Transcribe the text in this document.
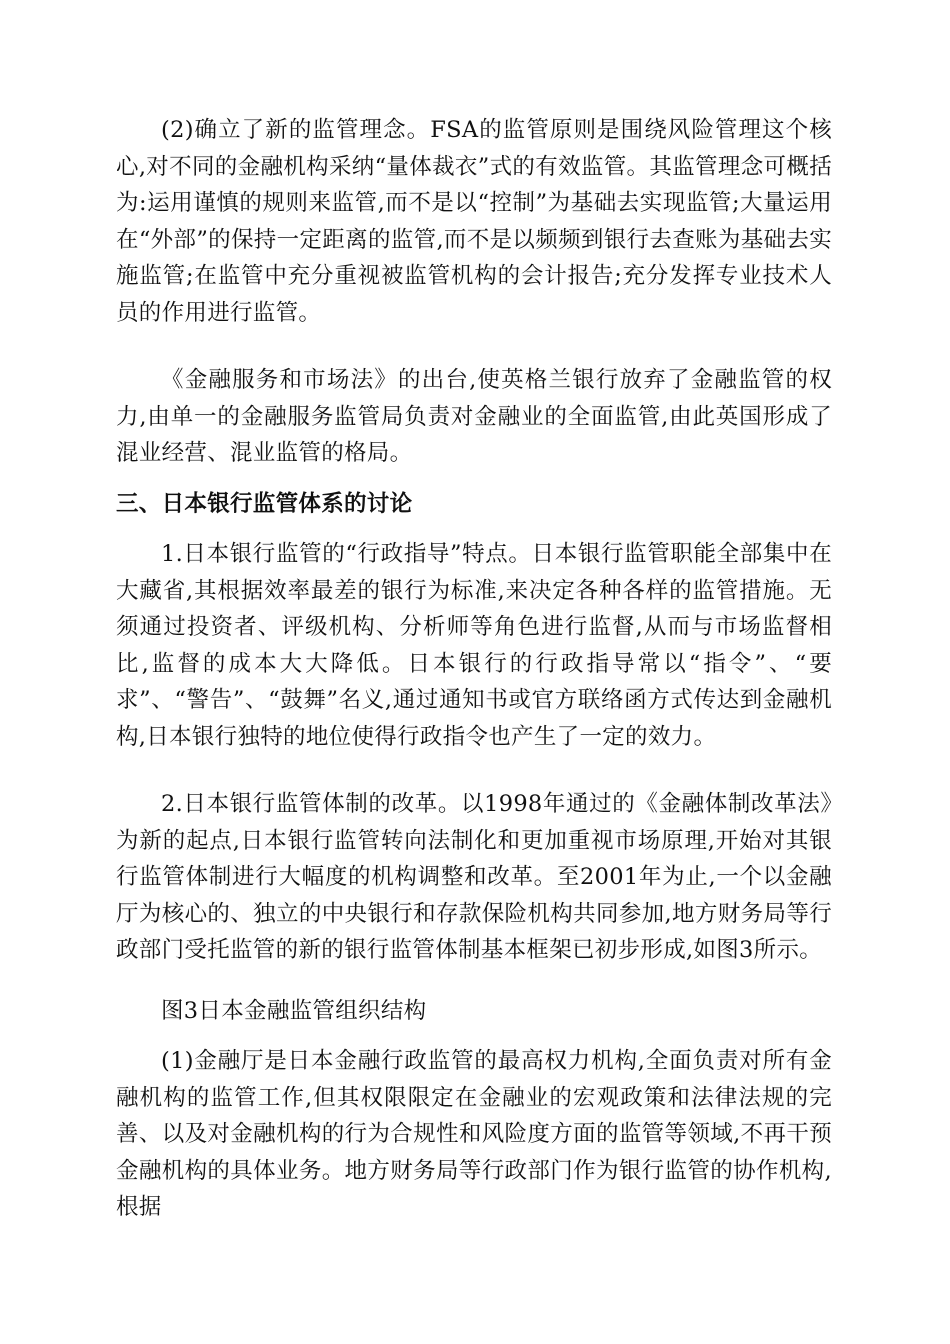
(2)确立了新的监管理念。FSA的监管原则是围绕风险管理这个核心,对不同的金融机构采纳“量体裁衣”式的有效监管。其监管理念可概括为:运用谨慎的规则来监管,而不是以“控制”为基础去实现监管;大量运用在“外部”的保持一定距离的监管,而不是以频频到银行去查账为基础去实施监管;在监管中充分重视被监管机构的会计报告;充分发挥专业技术人员的作用进行监管。

《金融服务和市场法》的出台,使英格兰银行放弃了金融监管的权力,由单一的金融服务监管局负责对金融业的全面监管,由此英国形成了混业经营、混业监管的格局。

三、日本银行监管体系的讨论

1.日本银行监管的“行政指导”特点。日本银行监管职能全部集中在大藏省,其根据效率最差的银行为标准,来决定各种各样的监管措施。无须通过投资者、评级机构、分析师等角色进行监督,从而与市场监督相比,监督的成本大大降低。日本银行的行政指导常以“指令”、“要求”、“警告”、“鼓舞”名义,通过通知书或官方联络函方式传达到金融机构,日本银行独特的地位使得行政指令也产生了一定的效力。

2.日本银行监管体制的改革。以1998年通过的《金融体制改革法》为新的起点,日本银行监管转向法制化和更加重视市场原理,开始对其银行监管体制进行大幅度的机构调整和改革。至2001年为止,一个以金融厅为核心的、独立的中央银行和存款保险机构共同参加,地方财务局等行政部门受托监管的新的银行监管体制基本框架已初步形成,如图3所示。

图3日本金融监管组织结构

(1)金融厅是日本金融行政监管的最高权力机构,全面负责对所有金融机构的监管工作,但其权限限定在金融业的宏观政策和法律法规的完善、以及对金融机构的行为合规性和风险度方面的监管等领域,不再干预金融机构的具体业务。地方财务局等行政部门作为银行监管的协作机构,根据
